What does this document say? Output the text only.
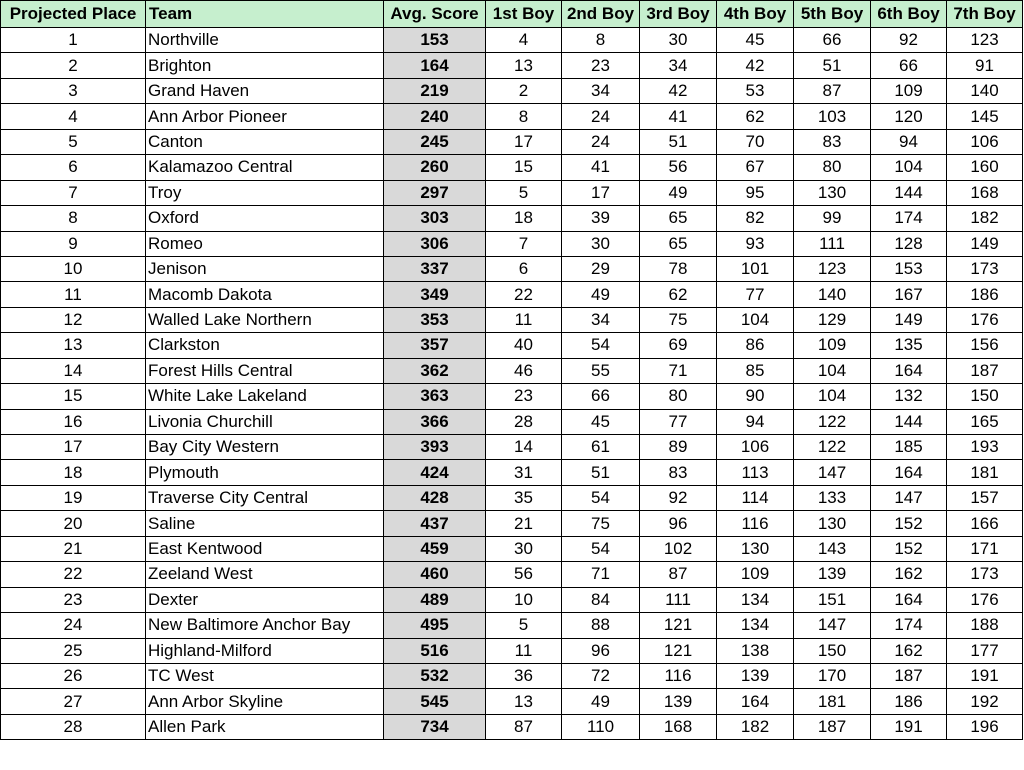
Projected Place	Team	Avg. Score	1st Boy	2nd Boy	3rd Boy	4th Boy	5th Boy	6th Boy	7th Boy
1	Northville	153	4	8	30	45	66	92	123
2	Brighton	164	13	23	34	42	51	66	91
3	Grand Haven	219	2	34	42	53	87	109	140
4	Ann Arbor Pioneer	240	8	24	41	62	103	120	145
5	Canton	245	17	24	51	70	83	94	106
6	Kalamazoo Central	260	15	41	56	67	80	104	160
7	Troy	297	5	17	49	95	130	144	168
8	Oxford	303	18	39	65	82	99	174	182
9	Romeo	306	7	30	65	93	111	128	149
10	Jenison	337	6	29	78	101	123	153	173
11	Macomb Dakota	349	22	49	62	77	140	167	186
12	Walled Lake Northern	353	11	34	75	104	129	149	176
13	Clarkston	357	40	54	69	86	109	135	156
14	Forest Hills Central	362	46	55	71	85	104	164	187
15	White Lake Lakeland	363	23	66	80	90	104	132	150
16	Livonia Churchill	366	28	45	77	94	122	144	165
17	Bay City Western	393	14	61	89	106	122	185	193
18	Plymouth	424	31	51	83	113	147	164	181
19	Traverse City Central	428	35	54	92	114	133	147	157
20	Saline	437	21	75	96	116	130	152	166
21	East Kentwood	459	30	54	102	130	143	152	171
22	Zeeland West	460	56	71	87	109	139	162	173
23	Dexter	489	10	84	111	134	151	164	176
24	New Baltimore Anchor Bay	495	5	88	121	134	147	174	188
25	Highland-Milford	516	11	96	121	138	150	162	177
26	TC West	532	36	72	116	139	170	187	191
27	Ann Arbor Skyline	545	13	49	139	164	181	186	192
28	Allen Park	734	87	110	168	182	187	191	196
